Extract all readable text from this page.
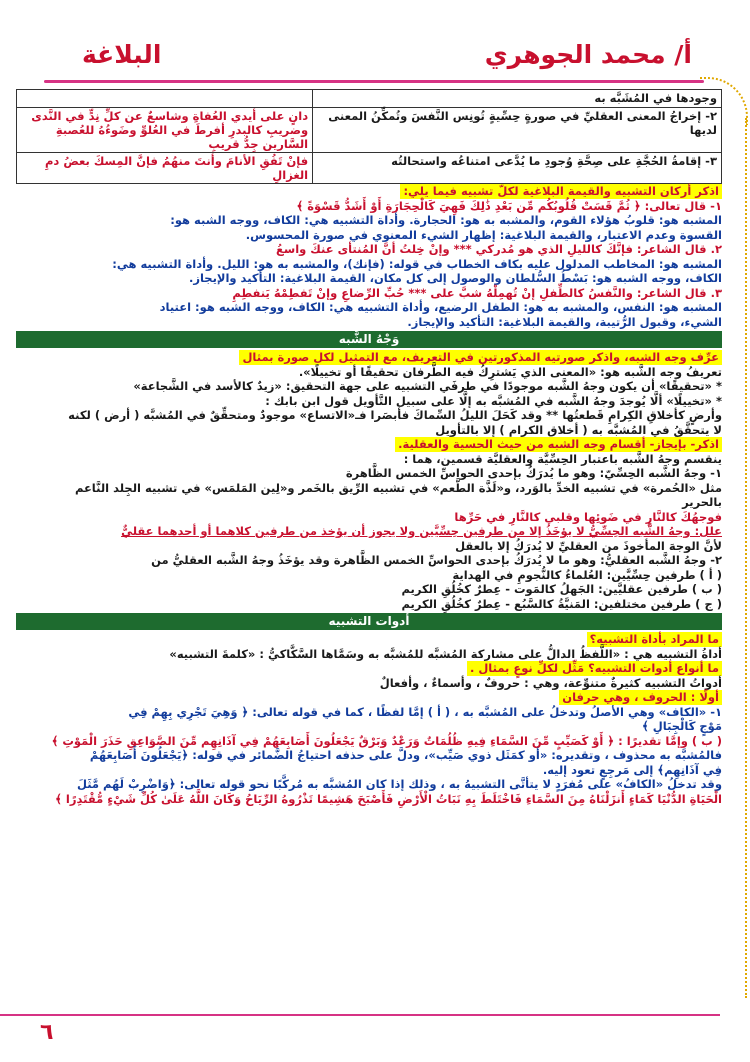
أ/ محمد الجوهري
البلاغة
وجودها في المُشَبَّه به	
٢- إخراجُ المعنى العقليِّ في صورةٍ حِسِّيةٍ تُونِس النَّفسَ وتُمكِّنُ المعنى لديها	دانٍ على أيدي العُفاةِ وشاسعٌ عن كلِّ نِدٍّ في النَّدى وضريبِ كالبدرِ أفرطَ في العُلوِّ وضَوءُهُ للعُصبةِ السَّارين جِدُّ قريبِ
٣- إقامةُ الحُجَّةِ على صِحَّةِ وُجودِ ما يُدَّعى امتناعُه واستحالتُه	فإنْ تَفُقِ الأنامَ وأنتَ منهُمُ فإنَّ المِسكَ بعضُ دمِ الغزالِ

اذكر أركان التشبيه والقيمة البلاغية لكلّ تشبيه فيما يلي:

١- قال تعالى: ﴿ ثُمَّ قَسَتْ قُلُوبُكُم مِّن بَعْدِ ذَٰلِكَ فَهِيَ كَالْحِجَارَةِ أَوْ أَشَدُّ قَسْوَةً ﴾

المشبه هو: قلوبُ هؤلاء القوم، والمشبه به هو: الحجارة. وأداة التشبيه هي: الكاف، ووجه الشبه هو:

القسوة وعدم الاعتبار، والقيمة البلاغية: إظهار الشيء المعنوي في صورة المحسوس.

٢. قال الشاعر: فإنَّكَ كالليلِ الذي هو مُدركي *** وإنْ خِلتُ أنَّ المُنتأى عنكَ واسعُ

المشبه هو: المخاطب المدلول عليه بكاف الخطاب في قوله: (فإنك)، والمشبه به هو: الليل. وأداة التشبيه هي:

الكاف، ووجه الشبه هو: بَسْطُ السُّلطان والوصول إلى كل مكان، القيمة البلاغية: التأكيد والإيجاز.

٣. قال الشاعر: والنَّفسُ كالطِّفلِ إنْ تُهمِلْهُ شبَّ على *** حُبِّ الرِّضاعِ وإنْ تَفطِمْهُ يَنفطِمِ

المشبه هو: النفس، والمشبه به هو: الطفل الرضيع، وأداة التشبيه هي: الكاف، ووجه الشبه هو: اعتياد

الشيء، وقبول الرُّتيبة، والقيمة البلاغية: التأكيد والإيجاز.

وَجْهُ الشَّبه

عرِّف وجه الشبه، واذكر صورتيه المذكورتين في التعريف، مع التمثيل لكل صورة بمثال

تعريفُ وجه الشَّبه هو: «المعنى الذي يَشترِكُ فيه الطَّرفان تحقيقًا أو تخييلًا».

* «تحقيقًا» أن يكون وجهُ الشَّبه موجودًا في طرفَي التشبيه على جهة التحقيق: «زيدٌ كالأسد في الشَّجاعة»

* «تخييلًا» ألَّا يُوجدَ وجهُ الشَّبه في المُشبَّه به إلَّا على سبيل التَّأويل قول ابن بابك :

وأرضٍ كأخلاقِ الكِرامِ قَطعتُها ** وقد كَحَلَ الليلُ السِّماكَ فأبصَرا فـ«الاتساع» موجودٌ ومتحقِّقٌ في المُشبَّه ( أرض ) لكنه

لا يتحقَّقُ في المُشبَّه به ( أخلاق الكرام ) إلا بالتأويل

اذكر- بإيجاز- أقسام وجه الشبه من حيث الحسية والعقلية.

ينقسم وجهُ الشَّبه باعتبار الحِسِّيَّة والعقليَّة قسمين، هما :

١- وجهُ الشَّبه الحِسِّيّ: وهو ما يُدرَكُ بإحدى الحواسِّ الخمس الظَّاهرة

مثل «الحُمرة» في تشبيه الخدِّ بالوَرد، و«لَذَّة الطَّعم» في تشبيه الرِّيق بالخَمر و«لِين المَلمَس» في تشبيه الجِلد النَّاعم

بالحرير

فوجهُكَ كالنَّارِ في ضَوئِها وقلبي كالنَّارِ في حَرِّها

علل: وجهُ الشَّبه الحِسِّيُّ لا يؤخَذُ إلا من طرفين حِسِّيَّين ولا يجوز أن يؤخذ من طرفين كلاهما أو أحدهما عقليٌّ

لأنَّ الوجهَ المأخوذَ من العقليِّ لا يُدرَكُ إلا بالعقل

٢- وجهُ الشَّبه العقليُّ: وهو ما لا يُدرَكُ بإحدى الحواسِّ الخمس الظَّاهرة وقد يؤخَذُ وجهُ الشَّبه العقليُّ من

( أ ) طرفين حِسِّيَّين: العُلماءُ كالنُّجومِ في الهداية

( ب ) طرفين عقليَّين: الجَهلُ كالمَوت - عِطرٌ كخُلُقِ الكريم

( ج ) طرفين مختلفين: المَنيَّةُ كالسَّبُع - عِطرٌ كخُلُقِ الكريم

أدوات التشبيه

ما المراد بأداة التشبيه؟

أداةُ التشبيه هي : «اللَّفظُ الدالُّ على مشاركة المُشبَّه للمُشبَّه به وسَمَّاها السَّكَّاكيُّ : «كلمةَ التشبيه»

ما أنواع أدوات التشبيه؟ مَثِّل لكلِّ نوعٍ بمثال .

أدواتُ التشبيه كثيرةٌ متنوِّعة، وهي : حروفٌ ، وأسماءٌ ، وأفعالٌ

أولًا : الحروف ، وهي حرفان

١- «الكاف» وهي الأصلُ وتدخلُ على المُشبَّه به ، ( أ ) إمَّا لفظًا ، كما في قوله تعالى: ﴿ وَهِيَ تَجْرِي بِهِمْ فِي

مَوْجٍ كَالْجِبَالِ ﴾

( ب ) وإمَّا تقديرًا : ﴿ أَوْ كَصَيِّبٍ مِّنَ السَّمَاءِ فِيهِ ظُلُمَاتٌ وَرَعْدٌ وَبَرْقٌ يَجْعَلُونَ أَصَابِعَهُمْ فِي آذَانِهِم مِّنَ الصَّوَاعِقِ حَذَرَ الْمَوْتِ ﴾

فالمُشبَّه به محذوف ، وتقديره: «أو كمَثَل ذوي صَيِّب»، ودلَّ على حذفه احتياجُ الضَّمائر في قوله: ﴿يَجْعَلُونَ أَصَابِعَهُمْ

فِي آذَانِهِم﴾ إلى مَرجِعٍ تعود إليه.

وقد تدخلُ «الكافُ» على مُفرَدٍ لا يتأتَّى التشبيهُ به ، وذلك إذا كان المُشبَّه به مُركَّبًا نحو قوله تعالى: ﴿وَاضْرِبْ لَهُم مَّثَلَ

الْحَيَاةِ الدُّنْيَا كَمَاءٍ أَنزَلْنَاهُ مِنَ السَّمَاءِ فَاخْتَلَطَ بِهِ نَبَاتُ الْأَرْضِ فَأَصْبَحَ هَشِيمًا تَذْرُوهُ الرِّيَاحُ وَكَانَ اللَّهُ عَلَىٰ كُلِّ شَيْءٍ مُّقْتَدِرًا ﴾

٦
